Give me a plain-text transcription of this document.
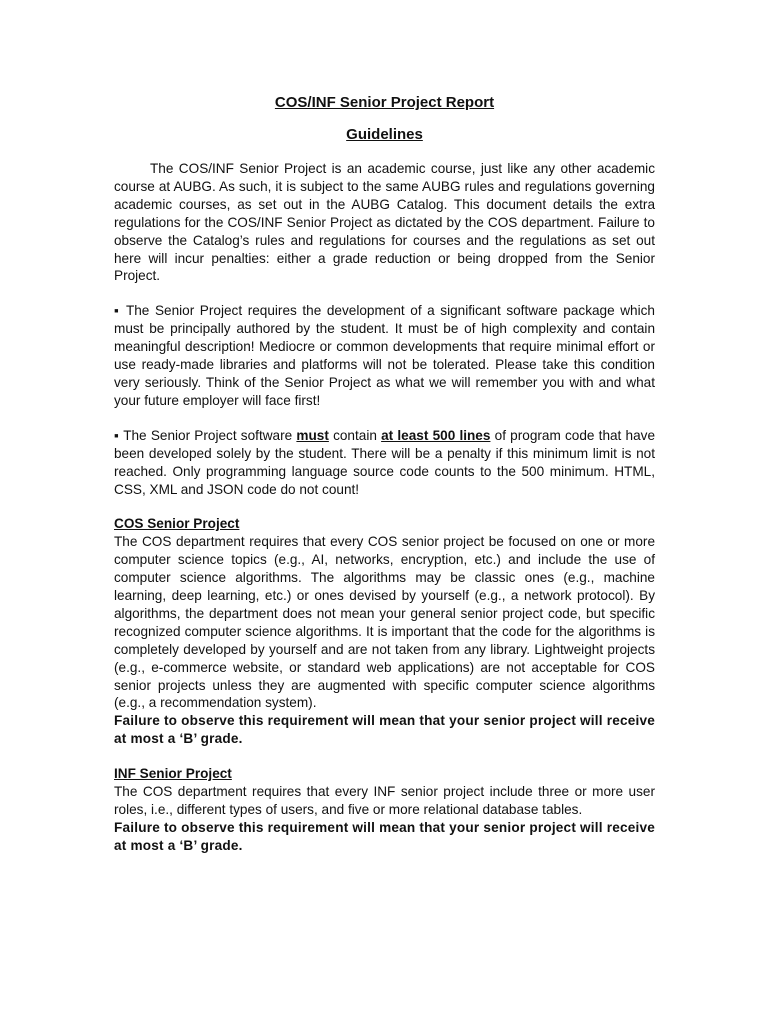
COS/INF Senior Project Report

Guidelines

The COS/INF Senior Project is an academic course, just like any other academic course at AUBG. As such, it is subject to the same AUBG rules and regulations governing academic courses, as set out in the AUBG Catalog. This document details the extra regulations for the COS/INF Senior Project as dictated by the COS department. Failure to observe the Catalog’s rules and regulations for courses and the regulations as set out here will incur penalties: either a grade reduction or being dropped from the Senior Project.

▪ The Senior Project requires the development of a significant software package which must be principally authored by the student. It must be of high complexity and contain meaningful description! Mediocre or common developments that require minimal effort or use ready-made libraries and platforms will not be tolerated. Please take this condition very seriously. Think of the Senior Project as what we will remember you with and what your future employer will face first!

▪ The Senior Project software must contain at least 500 lines of program code that have been developed solely by the student. There will be a penalty if this minimum limit is not reached. Only programming language source code counts to the 500 minimum. HTML, CSS, XML and JSON code do not count!

COS Senior Project

The COS department requires that every COS senior project be focused on one or more computer science topics (e.g., AI, networks, encryption, etc.) and include the use of computer science algorithms. The algorithms may be classic ones (e.g., machine learning, deep learning, etc.) or ones devised by yourself (e.g., a network protocol). By algorithms, the department does not mean your general senior project code, but specific recognized computer science algorithms. It is important that the code for the algorithms is completely developed by yourself and are not taken from any library. Lightweight projects (e.g., e-commerce website, or standard web applications) are not acceptable for COS senior projects unless they are augmented with specific computer science algorithms (e.g., a recommendation system).

Failure to observe this requirement will mean that your senior project will receive at most a ‘B’ grade.

INF Senior Project

The COS department requires that every INF senior project include three or more user roles, i.e., different types of users, and five or more relational database tables.

Failure to observe this requirement will mean that your senior project will receive at most a ‘B’ grade.
